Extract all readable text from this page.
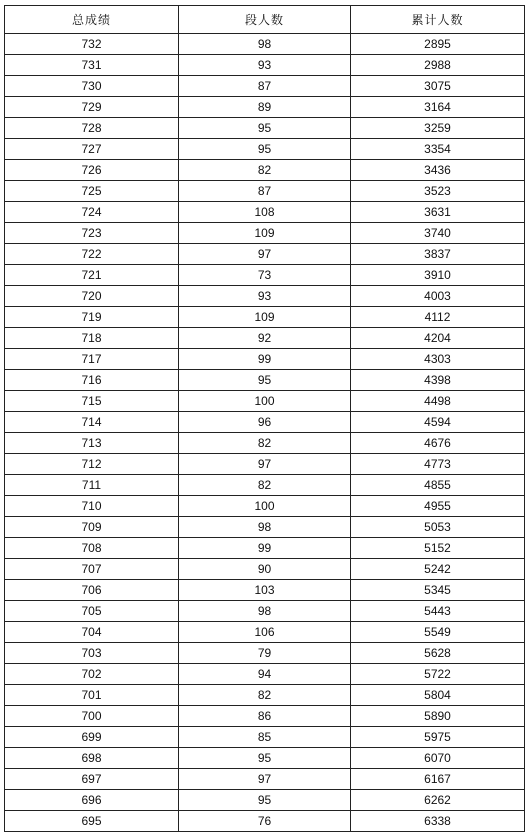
总成绩	段人数	累计人数
732	98	2895
731	93	2988
730	87	3075
729	89	3164
728	95	3259
727	95	3354
726	82	3436
725	87	3523
724	108	3631
723	109	3740
722	97	3837
721	73	3910
720	93	4003
719	109	4112
718	92	4204
717	99	4303
716	95	4398
715	100	4498
714	96	4594
713	82	4676
712	97	4773
711	82	4855
710	100	4955
709	98	5053
708	99	5152
707	90	5242
706	103	5345
705	98	5443
704	106	5549
703	79	5628
702	94	5722
701	82	5804
700	86	5890
699	85	5975
698	95	6070
697	97	6167
696	95	6262
695	76	6338
